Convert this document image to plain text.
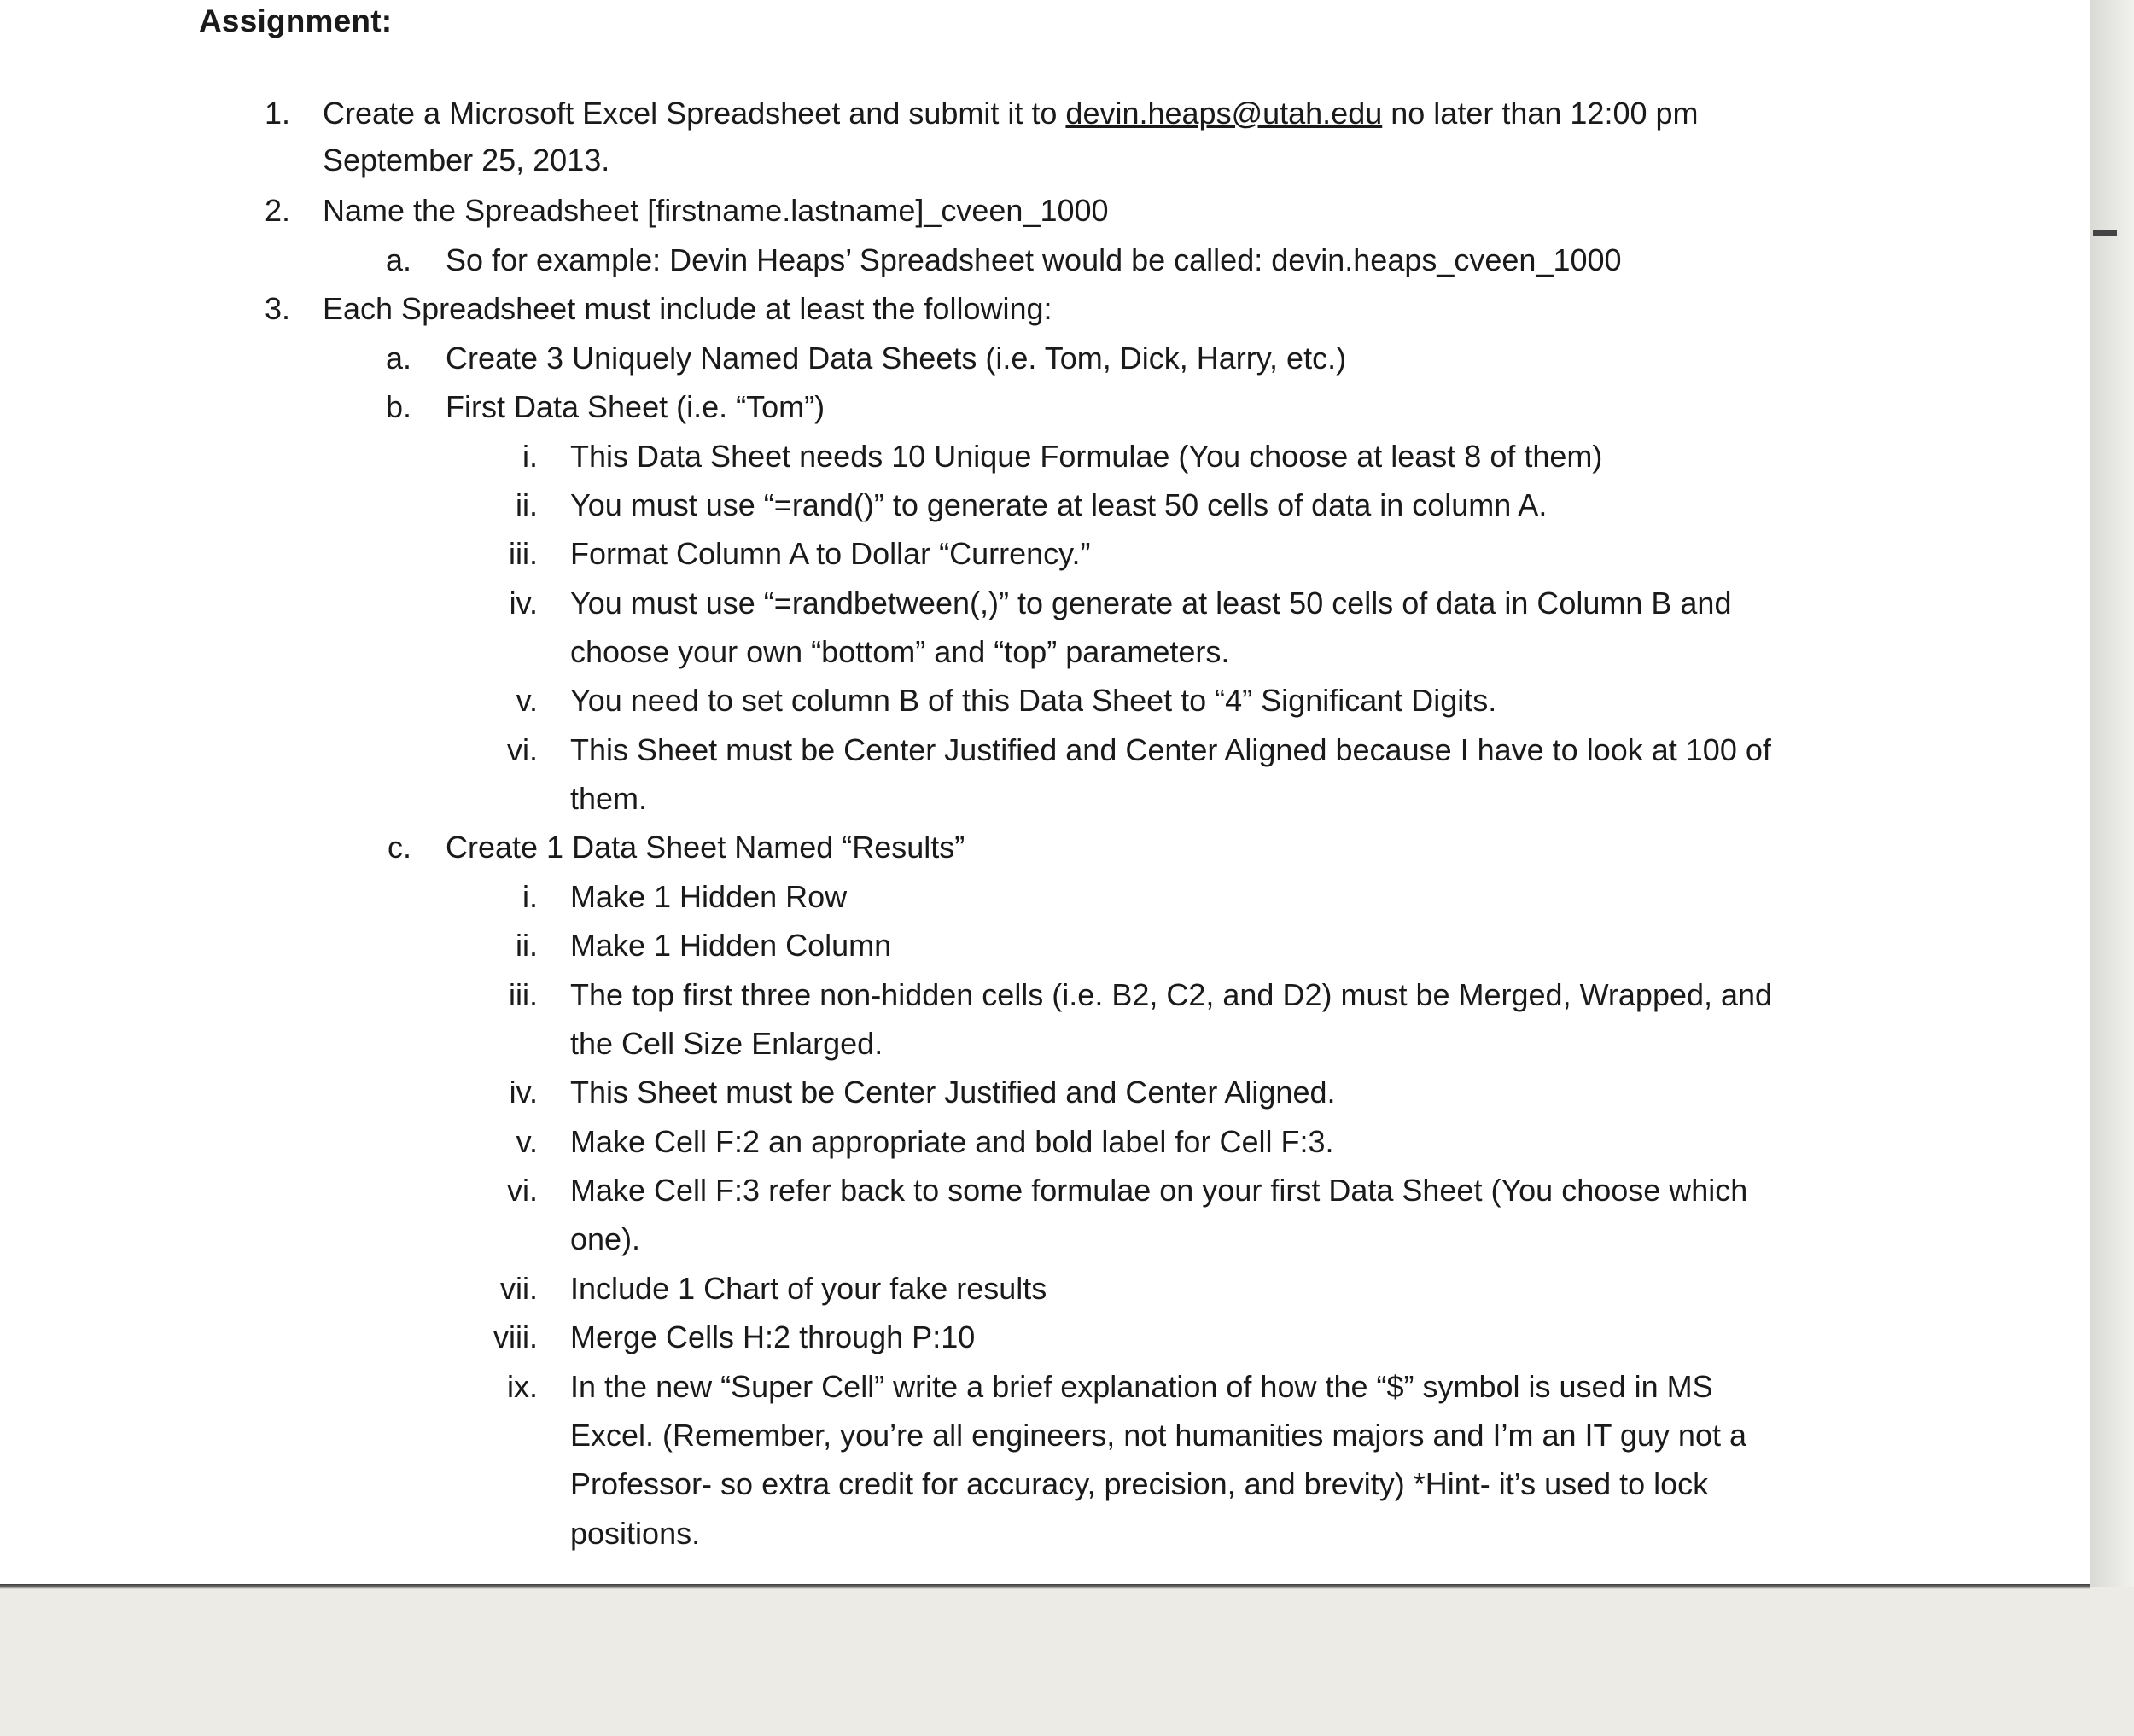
Assignment:
1. Create a Microsoft Excel Spreadsheet and submit it to devin.heaps@utah.edu no later than 12:00 pm
September 25, 2013.
2. Name the Spreadsheet [firstname.lastname]_cveen_1000
a. So for example: Devin Heaps’ Spreadsheet would be called: devin.heaps_cveen_1000
3. Each Spreadsheet must include at least the following:
a. Create 3 Uniquely Named Data Sheets (i.e. Tom, Dick, Harry, etc.)
b. First Data Sheet (i.e. “Tom”)
i. This Data Sheet needs 10 Unique Formulae (You choose at least 8 of them)
ii. You must use “=rand()” to generate at least 50 cells of data in column A.
iii. Format Column A to Dollar “Currency.”
iv. You must use “=randbetween(,)” to generate at least 50 cells of data in Column B and
choose your own “bottom” and “top” parameters.
v. You need to set column B of this Data Sheet to “4” Significant Digits.
vi. This Sheet must be Center Justified and Center Aligned because I have to look at 100 of
them.
c. Create 1 Data Sheet Named “Results”
i. Make 1 Hidden Row
ii. Make 1 Hidden Column
iii. The top first three non-hidden cells (i.e. B2, C2, and D2) must be Merged, Wrapped, and
the Cell Size Enlarged.
iv. This Sheet must be Center Justified and Center Aligned.
v. Make Cell F:2 an appropriate and bold label for Cell F:3.
vi. Make Cell F:3 refer back to some formulae on your first Data Sheet (You choose which
one).
vii. Include 1 Chart of your fake results
viii. Merge Cells H:2 through P:10
ix. In the new “Super Cell” write a brief explanation of how the “$” symbol is used in MS
Excel. (Remember, you’re all engineers, not humanities majors and I’m an IT guy not a
Professor- so extra credit for accuracy, precision, and brevity) *Hint- it’s used to lock
positions.
